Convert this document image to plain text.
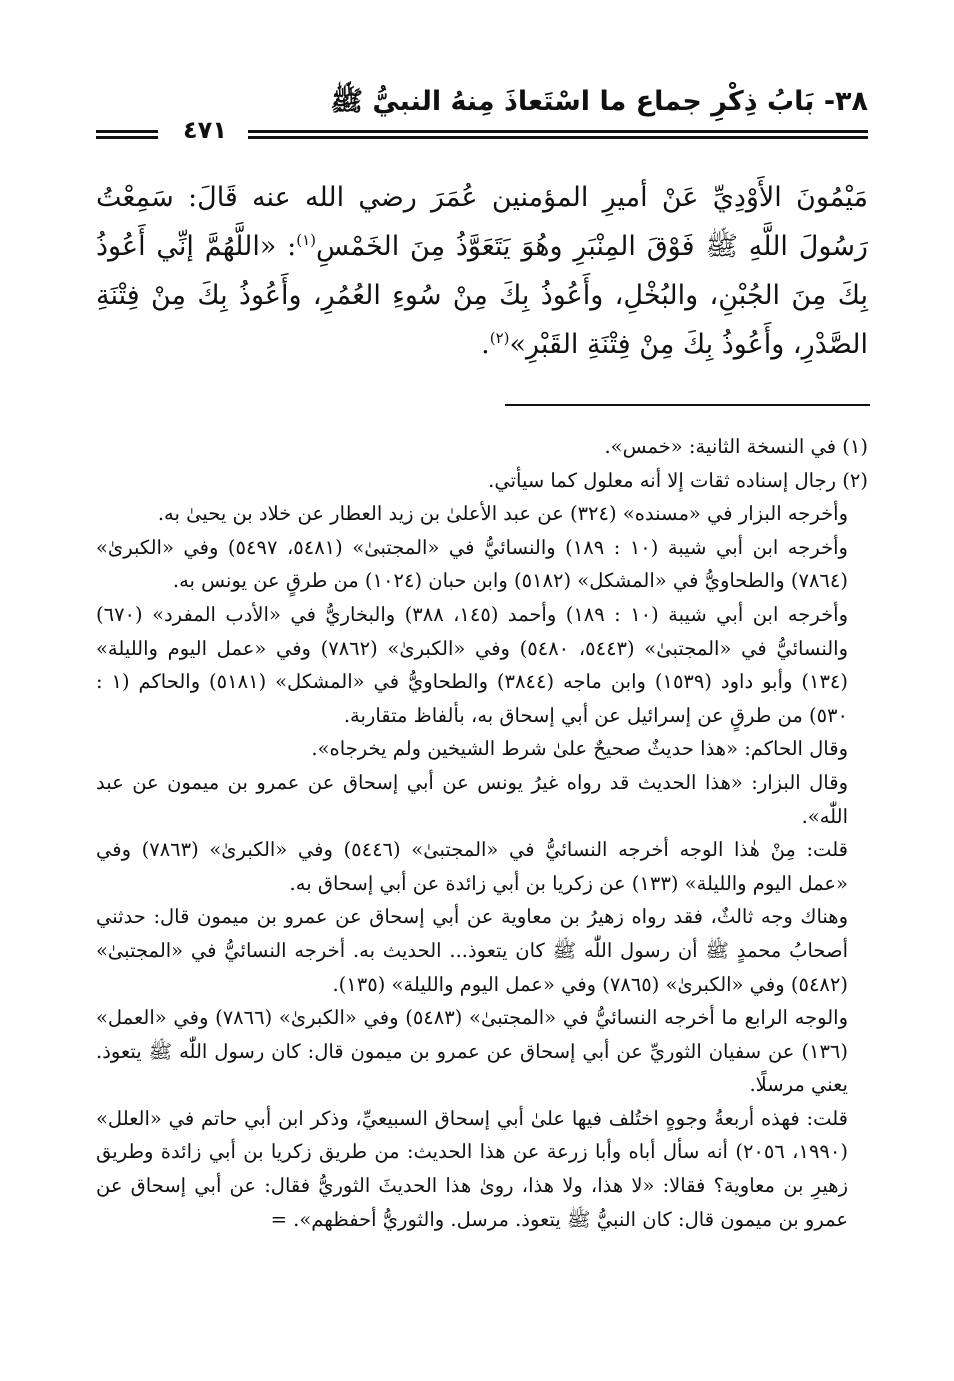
٣٨- بَابُ ذِكْرِ جماع ما اسْتَعاذَ مِنهُ النبيُّ ﷺ
٤٧١

مَيْمُونَ الأَوْدِيِّ عَنْ أميرِ المؤمنين عُمَرَ رضي الله عنه قَالَ: سَمِعْتُ رَسُولَ اللَّهِ ﷺ فَوْقَ المِنْبَرِ وهُوَ يَتَعَوَّذُ مِنَ الخَمْسِ$^{(١)}$: «اللَّهُمَّ إنِّي أَعُوذُ بِكَ مِنَ الجُبْنِ، والبُخْلِ، وأَعُوذُ بِكَ مِنْ سُوءِ العُمُرِ، وأَعُوذُ بِكَ مِنْ فِتْنَةِ الصَّدْرِ، وأَعُوذُ بِكَ مِنْ فِتْنَةِ القَبْرِ»$^{(٢)}$.

(١) في النسخة الثانية: «خمس».

(٢) رجال إسناده ثقات إلا أنه معلول كما سيأتي.

وأخرجه البزار في «مسنده» (٣٢٤) عن عبد الأعلىٰ بن زيد العطار عن خلاد بن يحيىٰ به.

وأخرجه ابن أبي شيبة (١٠ : ١٨٩) والنسائيُّ في «المجتبىٰ» (٥٤٨١، ٥٤٩٧) وفي «الكبرىٰ» (٧٨٦٤) والطحاويُّ في «المشكل» (٥١٨٢) وابن حبان (١٠٢٤) من طرقٍ عن يونس به.

وأخرجه ابن أبي شيبة (١٠ : ١٨٩) وأحمد (١٤٥، ٣٨٨) والبخاريُّ في «الأدب المفرد» (٦٧٠) والنسائيُّ في «المجتبىٰ» (٥٤٤٣، ٥٤٨٠) وفي «الكبرىٰ» (٧٨٦٢) وفي «عمل اليوم والليلة» (١٣٤) وأبو داود (١٥٣٩) وابن ماجه (٣٨٤٤) والطحاويُّ في «المشكل» (٥١٨١) والحاكم (١ : ٥٣٠) من طرقٍ عن إسرائيل عن أبي إسحاق به، بألفاظ متقاربة.

وقال الحاكم: «هذا حديثٌ صحيحٌ علىٰ شرط الشيخين ولم يخرجاه».

وقال البزار: «هذا الحديث قد رواه غيرُ يونس عن أبي إسحاق عن عمرو بن ميمون عن عبد اللّٰه».

قلت: مِنْ هٰذا الوجه أخرجه النسائيُّ في «المجتبىٰ» (٥٤٤٦) وفي «الكبرىٰ» (٧٨٦٣) وفي «عمل اليوم والليلة» (١٣٣) عن زكريا بن أبي زائدة عن أبي إسحاق به.

وهناك وجه ثالثٌ، فقد رواه زهيرُ بن معاوية عن أبي إسحاق عن عمرو بن ميمون قال: حدثني أصحابُ محمدٍ ﷺ أن رسول اللّٰه ﷺ كان يتعوذ... الحديث به. أخرجه النسائيُّ في «المجتبىٰ» (٥٤٨٢) وفي «الكبرىٰ» (٧٨٦٥) وفي «عمل اليوم والليلة» (١٣٥).

والوجه الرابع ما أخرجه النسائيُّ في «المجتبىٰ» (٥٤٨٣) وفي «الكبرىٰ» (٧٨٦٦) وفي «العمل» (١٣٦) عن سفيان الثوريِّ عن أبي إسحاق عن عمرو بن ميمون قال: كان رسول اللّٰه ﷺ يتعوذ. يعني مرسلًا.

قلت: فهذه أربعةُ وجوهٍ اختُلف فيها علىٰ أبي إسحاق السبيعيِّ، وذكر ابن أبي حاتم في «العلل» (١٩٩٠، ٢٠٥٦) أنه سأل أباه وأبا زرعة عن هذا الحديث: من طريق زكريا بن أبي زائدة وطريق زهيرِ بن معاوية؟ فقالا: «لا هذا، ولا هذا، روىٰ هذا الحديثَ الثوريُّ فقال: عن أبي إسحاق عن عمرو بن ميمون قال: كان النبيُّ ﷺ يتعوذ. مرسل. والثوريُّ أحفظهم». =
